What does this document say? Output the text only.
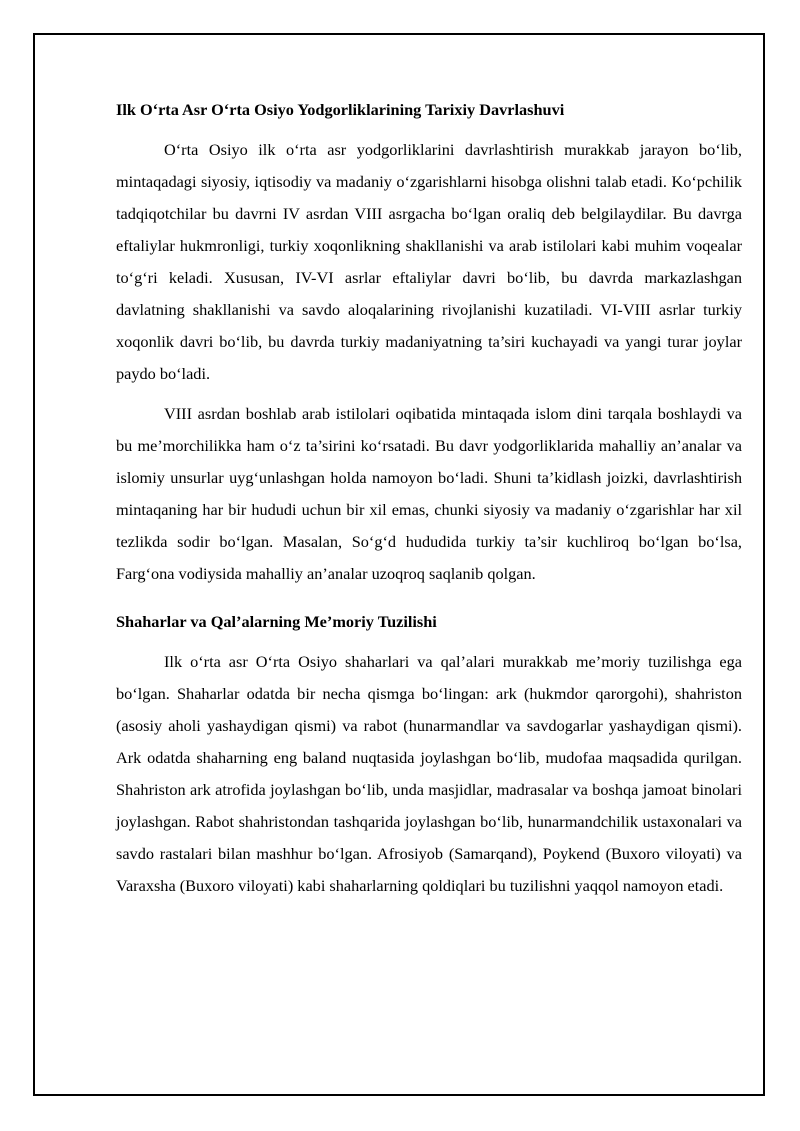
Ilk O‘rta Asr O‘rta Osiyo Yodgorliklarining Tarixiy Davrlashuvi

O‘rta Osiyo ilk o‘rta asr yodgorliklarini davrlashtirish murakkab jarayon bo‘lib, mintaqadagi siyosiy, iqtisodiy va madaniy o‘zgarishlarni hisobga olishni talab etadi. Ko‘pchilik tadqiqotchilar bu davrni IV asrdan VIII asrgacha bo‘lgan oraliq deb belgilaydilar. Bu davrga eftaliylar hukmronligi, turkiy xoqonlikning shakllanishi va arab istilolari kabi muhim voqealar to‘g‘ri keladi. Xususan, IV-VI asrlar eftaliylar davri bo‘lib, bu davrda markazlashgan davlatning shakllanishi va savdo aloqalarining rivojlanishi kuzatiladi. VI-VIII asrlar turkiy xoqonlik davri bo‘lib, bu davrda turkiy madaniyatning ta’siri kuchayadi va yangi turar joylar paydo bo‘ladi.

VIII asrdan boshlab arab istilolari oqibatida mintaqada islom dini tarqala boshlaydi va bu me’morchilikka ham o‘z ta’sirini ko‘rsatadi. Bu davr yodgorliklarida mahalliy an’analar va islomiy unsurlar uyg‘unlashgan holda namoyon bo‘ladi. Shuni ta’kidlash joizki, davrlashtirish mintaqaning har bir hududi uchun bir xil emas, chunki siyosiy va madaniy o‘zgarishlar har xil tezlikda sodir bo‘lgan. Masalan, So‘g‘d hududida turkiy ta’sir kuchliroq bo‘lgan bo‘lsa, Farg‘ona vodiysida mahalliy an’analar uzoqroq saqlanib qolgan.

Shaharlar va Qal’alarning Me’moriy Tuzilishi

Ilk o‘rta asr O‘rta Osiyo shaharlari va qal’alari murakkab me’moriy tuzilishga ega bo‘lgan. Shaharlar odatda bir necha qismga bo‘lingan: ark (hukmdor qarorgohi), shahriston (asosiy aholi yashaydigan qismi) va rabot (hunarmandlar va savdogarlar yashaydigan qismi). Ark odatda shaharning eng baland nuqtasida joylashgan bo‘lib, mudofaa maqsadida qurilgan. Shahriston ark atrofida joylashgan bo‘lib, unda masjidlar, madrasalar va boshqa jamoat binolari joylashgan. Rabot shahristondan tashqarida joylashgan bo‘lib, hunarmandchilik ustaxonalari va savdo rastalari bilan mashhur bo‘lgan. Afrosiyob (Samarqand), Poykend (Buxoro viloyati) va Varaxsha (Buxoro viloyati) kabi shaharlarning qoldiqlari bu tuzilishni yaqqol namoyon etadi.
